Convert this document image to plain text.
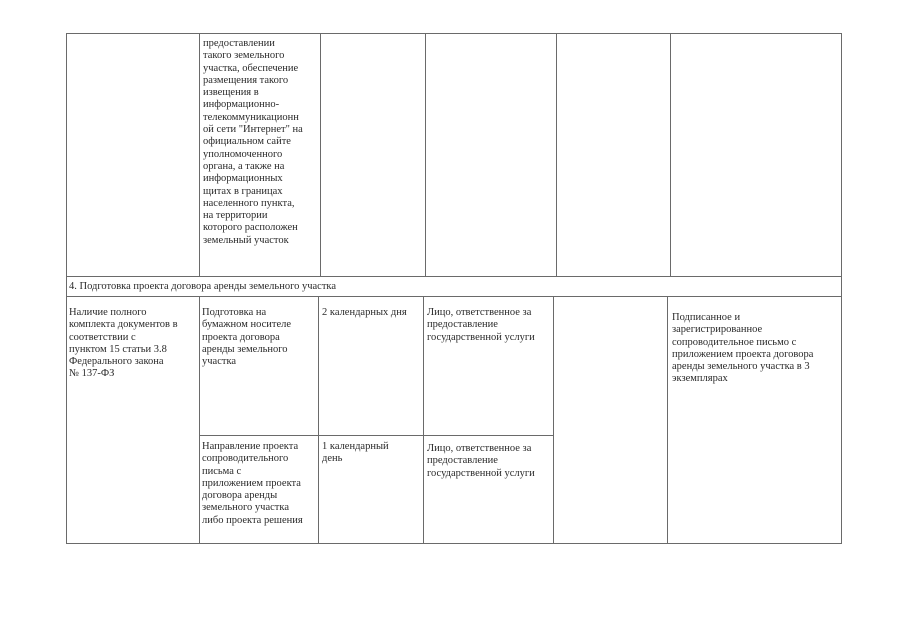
предоставлении
такого земельного
участка, обеспечение
размещения такого
извещения в
информационно-
телекоммуникационн
ой сети "Интернет" на
официальном сайте
уполномоченного
органа, а также на
информационных
щитах в границах
населенного пункта,
на территории
которого расположен
земельный участок
4. Подготовка проекта договора аренды земельного участка
Наличие полного
комплекта документов в
соответствии с
пунктом 15 статьи 3.8
Федерального закона
№ 137-ФЗ
Подготовка на
бумажном носителе
проекта договора
аренды земельного
участка
2 календарных дня	Лицо, ответственное за
предоставление
государственной услуги
Подписанное и
зарегистрированное
сопроводительное письмо с
приложением проекта договора
аренды земельного участка в 3
экземплярах
Направление проекта
сопроводительного
письма с
приложением проекта
договора аренды
земельного участка
либо проекта решения
1 календарный
день
Лицо, ответственное за
предоставление
государственной услуги
